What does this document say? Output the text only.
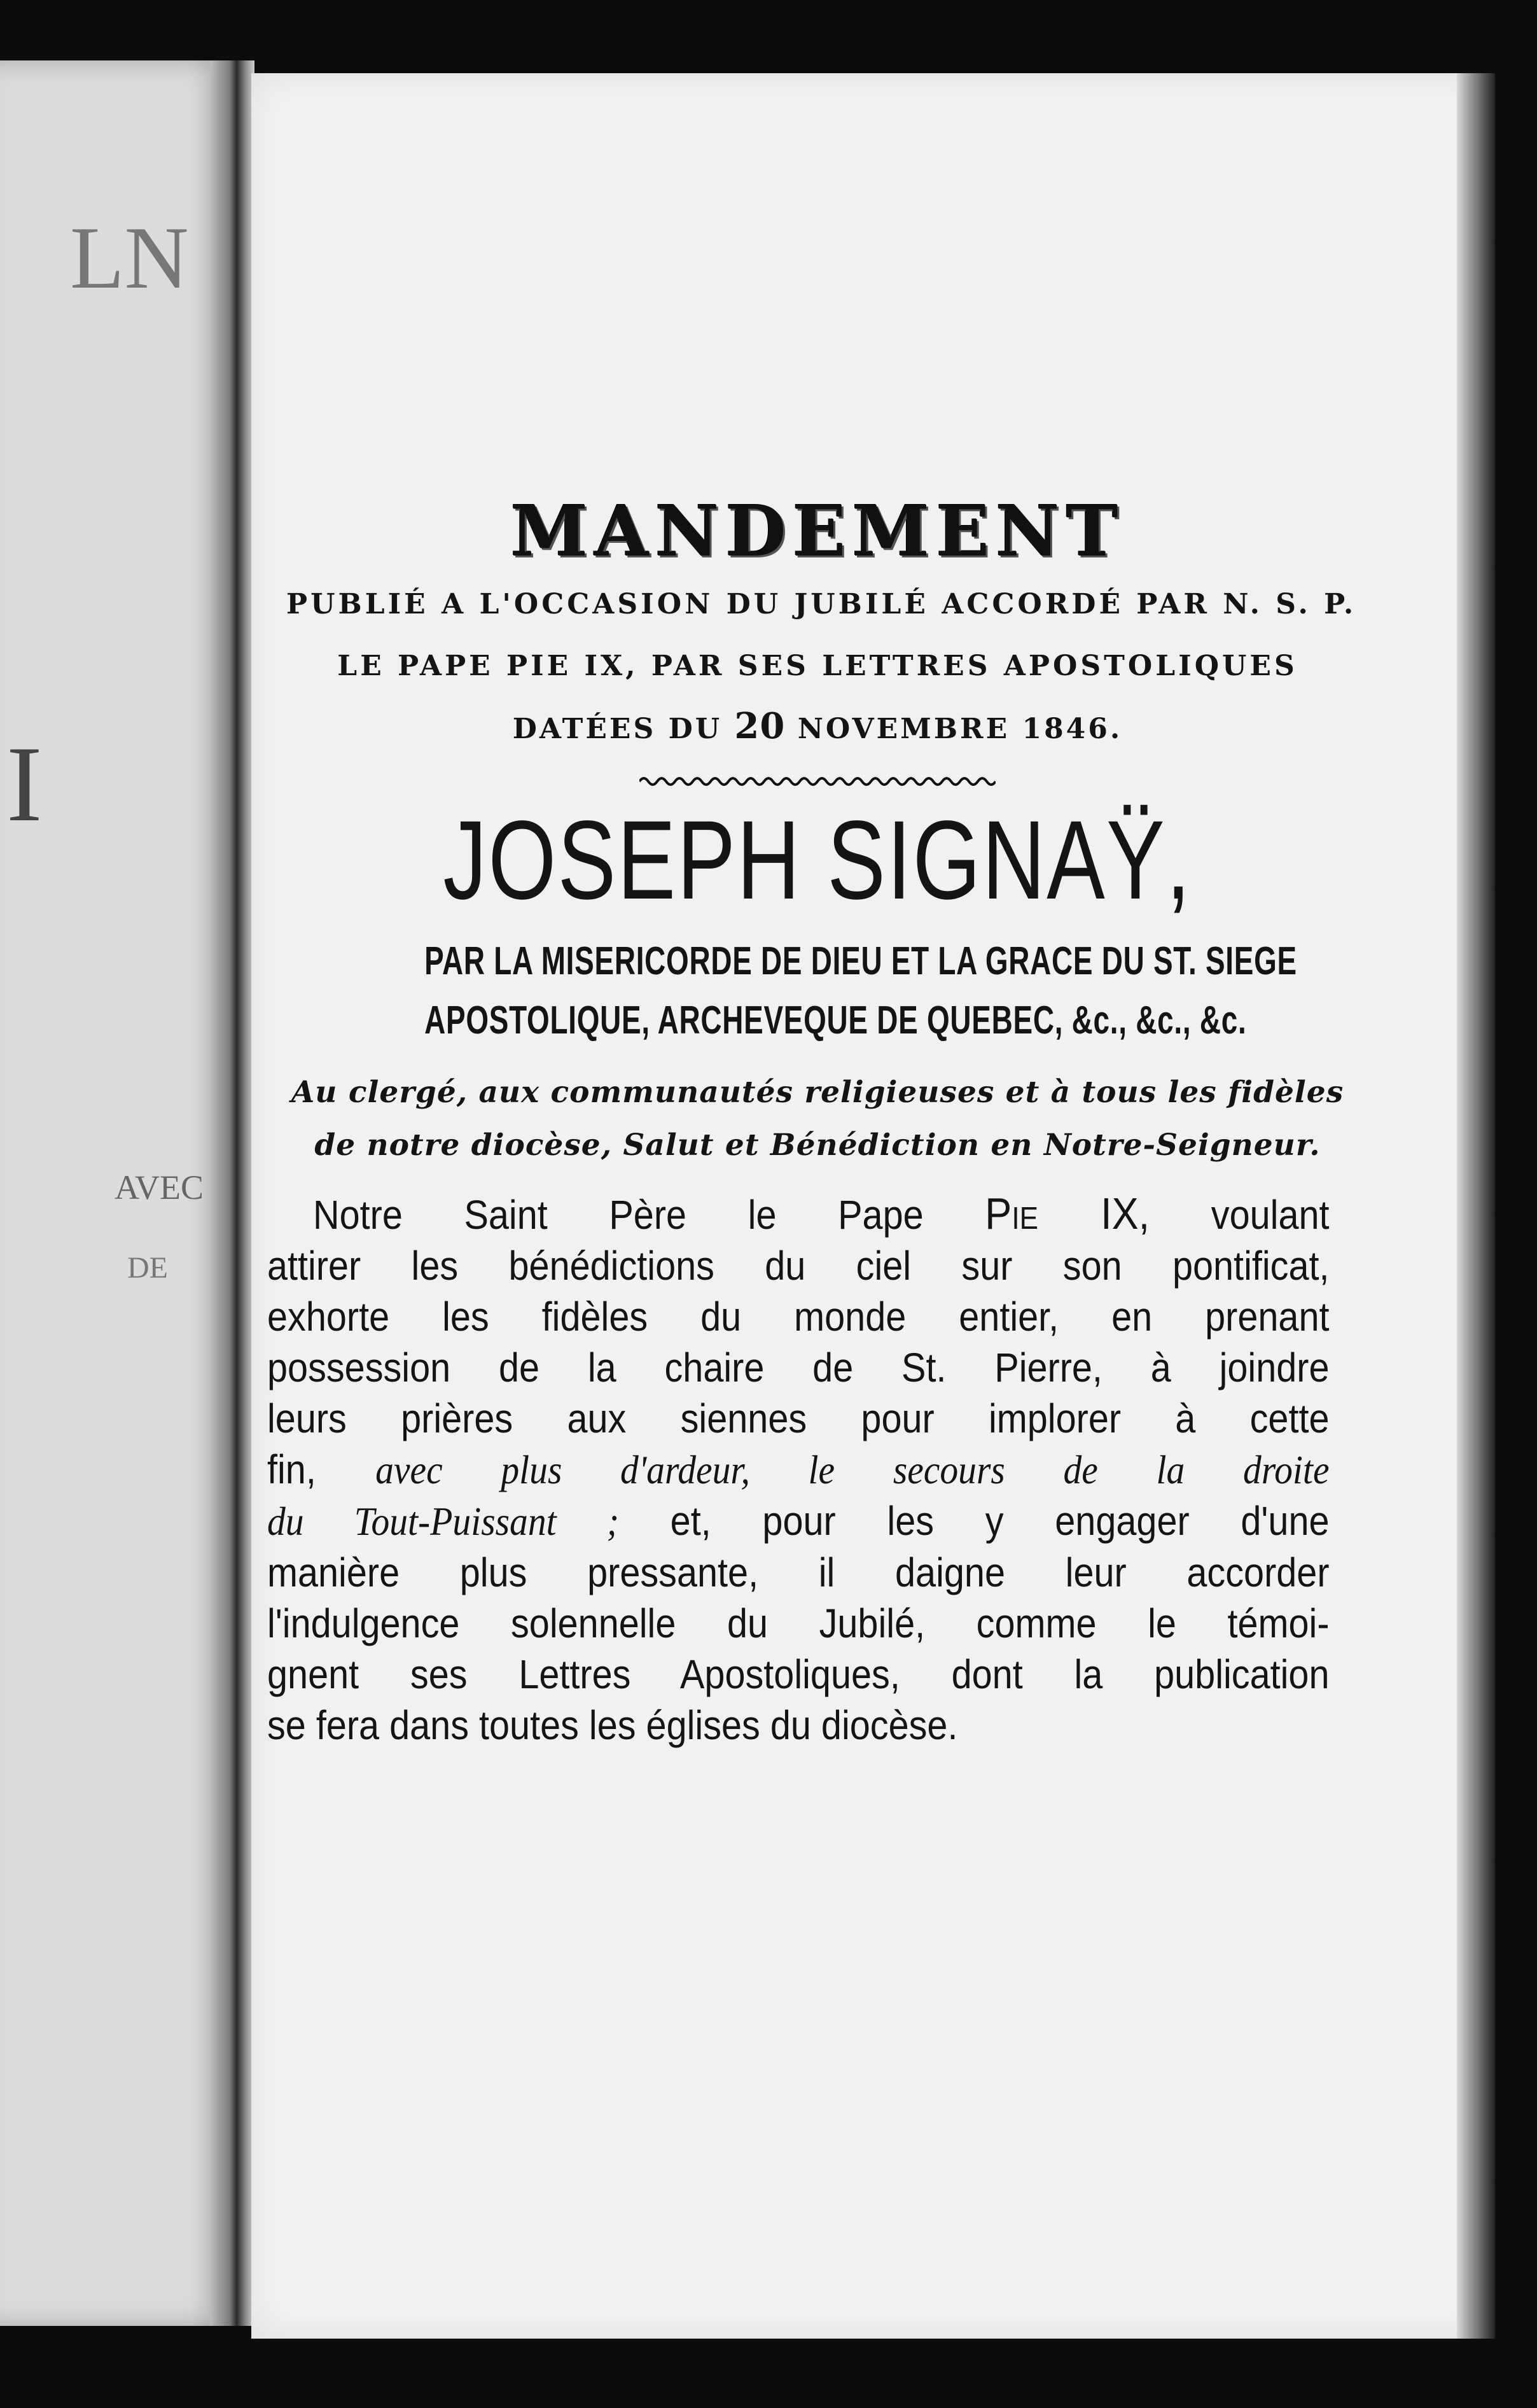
LN
I
AVEC
DE
MANDEMENT
PUBLIÉ A L'OCCASION DU JUBILÉ ACCORDÉ PAR N. S. P.
LE PAPE PIE IX, PAR SES LETTRES APOSTOLIQUES
DATÉES DU 20 NOVEMBRE 1846.
JOSEPH SIGNAŸ,
PAR LA MISERICORDE DE DIEU ET LA GRACE DU ST. SIEGE
APOSTOLIQUE, ARCHEVEQUE DE QUEBEC, &c., &c., &c.
Au clergé, aux communautés religieuses et à tous les fidèles
de notre diocèse, Salut et Bénédiction en Notre-Seigneur.
Notre Saint Père le Pape Pie IX, voulant
attirer les bénédictions du ciel sur son pontificat,
exhorte les fidèles du monde entier, en prenant
possession de la chaire de St. Pierre, à joindre
leurs prières aux siennes pour implorer à cette
fin, avec plus d'ardeur, le secours de la droite
du Tout-Puissant ; et, pour les y engager d'une
manière plus pressante, il daigne leur accorder
l'indulgence solennelle du Jubilé, comme le témoi-
gnent ses Lettres Apostoliques, dont la publication
se fera dans toutes les églises du diocèse.
